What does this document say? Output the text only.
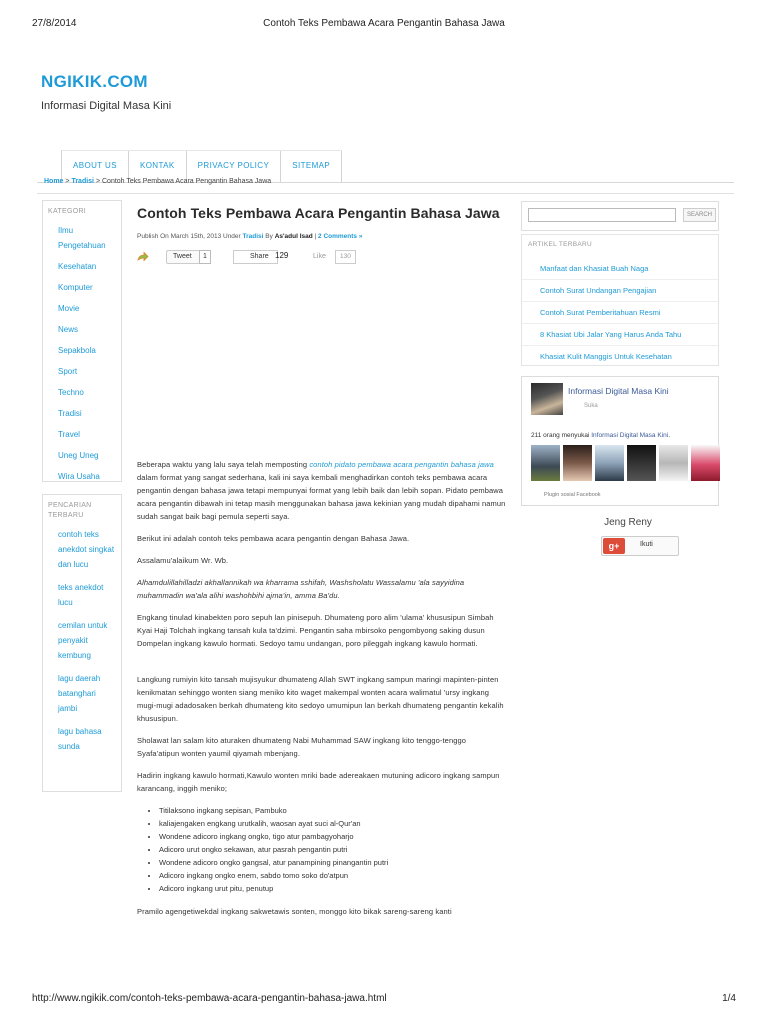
27/8/2014	Contoh Teks Pembawa Acara Pengantin Bahasa Jawa
NGIKIK.COM
Informasi Digital Masa Kini
ABOUT US	KONTAK	PRIVACY POLICY	SITEMAP
Home > Tradisi > Contoh Teks Pembawa Acara Pengantin Bahasa Jawa
KATEGORI
Ilmu Pengetahuan
Kesehatan
Komputer
Movie
News
Sepakbola
Sport
Techno
Tradisi
Travel
Uneg Uneg
Wira Usaha
PENCARIAN TERBARU
contoh teks anekdot singkat dan lucu
teks anekdot lucu
cemilan untuk penyakit kembung
lagu daerah batanghari jambi
lagu bahasa sunda
Contoh Teks Pembawa Acara Pengantin Bahasa Jawa
Publish On March 15th, 2013 Under Tradisi By As'adul Isad | 2 Comments »
Tweet	1	Share 129	Like	130

Beberapa waktu yang lalu saya telah memposting contoh pidato pembawa acara pengantin bahasa jawa dalam format yang sangat sederhana, kali ini saya kembali menghadirkan contoh teks pembawa acara pengantin dengan bahasa jawa tetapi mempunyai format yang lebih baik dan lebih sopan. Pidato pembawa acara pengantin dibawah ini tetap masih menggunakan bahasa jawa kekinian yang mudah dipahami namun sudah sangat baik bagi pemula seperti saya.

Berikut ini adalah contoh teks pembawa acara pengantin dengan Bahasa Jawa.

Assalamu'alaikum Wr. Wb.

Alhamdulillahilladzi akhallannikah wa kharrama sshifah, Washsholatu Wassalamu 'ala sayyidina muhammadin wa'ala alihi washohbihi ajma'in, amma Ba'du.

Engkang tinulad kinabekten poro sepuh lan pinisepuh. Dhumateng poro alim 'ulama' khususipun Simbah Kyai Haji Tolchah ingkang tansah kula ta'dzimi. Pengantin saha mbirsoko pengombyong saking dusun Dompelan ingkang kawulo hormati. Sedoyo tamu undangan, poro pileggah ingkang kawulo hormati.

Langkung rumiyin kito tansah mujisyukur dhumateng Allah SWT ingkang sampun maringi mapinten-pinten kenikmatan sehinggo wonten siang meniko kito waget makempal wonten acara walimatul 'ursy ingkang mugi-mugi adadosaken berkah dhumateng kito sedoyo umumipun lan berkah dhumateng pengantin kekalih khususipun.

Sholawat lan salam kito aturaken dhumateng Nabi Muhammad SAW ingkang kito tenggo-tenggo Syafa'atipun wonten yaumil qiyamah mbenjang.

Hadirin ingkang kawulo hormati,Kawulo wonten mriki bade adereakaen mutuning adicoro ingkang sampun karancang, inggih meniko;

• Titilaksono ingkang sepisan, Pambuko
• kaliajengaken engkang urutkalih, waosan ayat suci al-Qur'an
• Wondene adicoro ingkang ongko, tigo atur pambagyoharjo
• Adicoro urut ongko sekawan, atur pasrah pengantin putri
• Wondene adicoro ongko gangsal, atur panampining pinangantin putri
• Adicoro ingkang ongko enem, sabdo tomo soko do'atpun
• Adicoro ingkang urut pitu, penutup

Pramilo agengetiwekdal ingkang sakwetawis sonten, monggo kito bikak sareng-sareng kanti

SEARCH
ARTIKEL TERBARU
Manfaat dan Khasiat Buah Naga
Contoh Surat Undangan Pengajian
Contoh Surat Pemberitahuan Resmi
8 Khasiat Ubi Jalar Yang Harus Anda Tahu
Khasiat Kulit Manggis Untuk Kesehatan
Informasi Digital Masa Kini
Suka
211 orang menyukai Informasi Digital Masa Kini.
Plugin sosial Facebook
Jeng Reny
g+	Ikuti
http://www.ngikik.com/contoh-teks-pembawa-acara-pengantin-bahasa-jawa.html	1/4
